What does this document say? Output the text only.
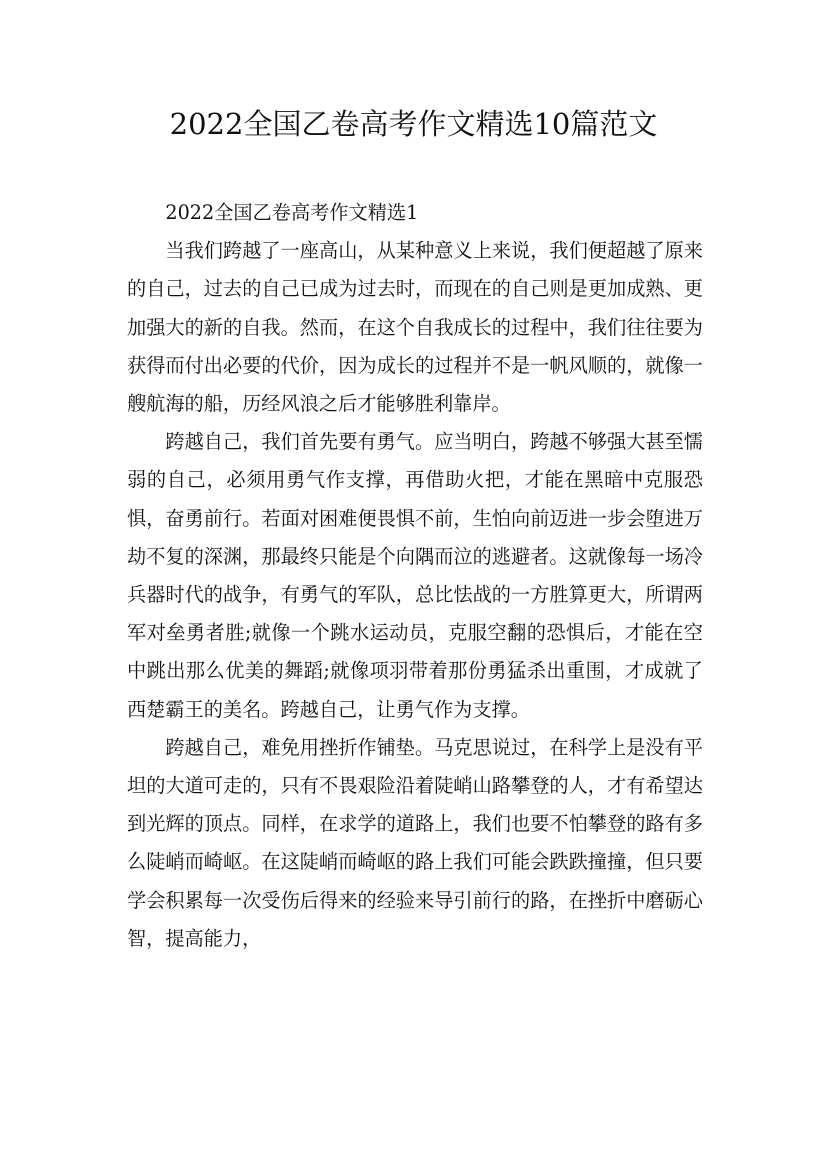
2022全国乙卷高考作文精选10篇范文

2022全国乙卷高考作文精选1

当我们跨越了一座高山，从某种意义上来说，我们便超越了原来的自己，过去的自己已成为过去时，而现在的自己则是更加成熟、更加强大的新的自我。然而，在这个自我成长的过程中，我们往往要为获得而付出必要的代价，因为成长的过程并不是一帆风顺的，就像一艘航海的船，历经风浪之后才能够胜利靠岸。

跨越自己，我们首先要有勇气。应当明白，跨越不够强大甚至懦弱的自己，必须用勇气作支撑，再借助火把，才能在黑暗中克服恐惧，奋勇前行。若面对困难便畏惧不前，生怕向前迈进一步会堕进万劫不复的深渊，那最终只能是个向隅而泣的逃避者。这就像每一场冷兵器时代的战争，有勇气的军队，总比怯战的一方胜算更大，所谓两军对垒勇者胜;就像一个跳水运动员，克服空翻的恐惧后，才能在空中跳出那么优美的舞蹈;就像项羽带着那份勇猛杀出重围，才成就了西楚霸王的美名。跨越自己，让勇气作为支撑。

跨越自己，难免用挫折作铺垫。马克思说过，在科学上是没有平坦的大道可走的，只有不畏艰险沿着陡峭山路攀登的人，才有希望达到光辉的顶点。同样，在求学的道路上，我们也要不怕攀登的路有多么陡峭而崎岖。在这陡峭而崎岖的路上我们可能会跌跌撞撞，但只要学会积累每一次受伤后得来的经验来导引前行的路，在挫折中磨砺心智，提高能力，
